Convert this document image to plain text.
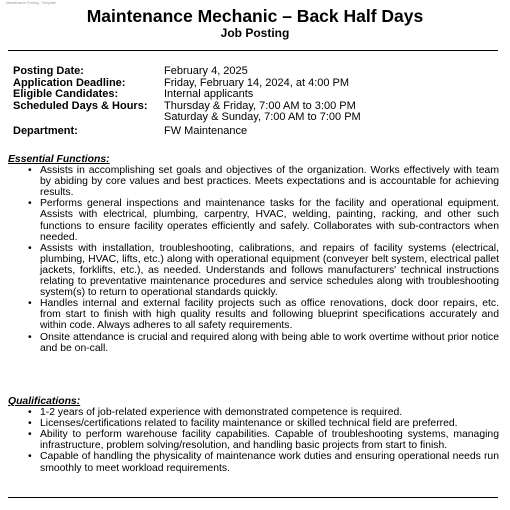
Maintenance Posting - Template
Maintenance Mechanic – Back Half Days
Job Posting
Posting Date:	February 4, 2025
Application Deadline:	Friday, February 14, 2024, at 4:00 PM
Eligible Candidates:	Internal applicants
Scheduled Days & Hours: Thursday & Friday, 7:00 AM to 3:00 PM
Saturday & Sunday, 7:00 AM to 7:00 PM
Department:	FW Maintenance
Essential Functions:
• Assists in accomplishing set goals and objectives of the organization. Works effectively with team by abiding by core values and best practices. Meets expectations and is accountable for achieving results.
• Performs general inspections and maintenance tasks for the facility and operational equipment. Assists with electrical, plumbing, carpentry, HVAC, welding, painting, racking, and other such functions to ensure facility operates efficiently and safely. Collaborates with sub-contractors when needed.
• Assists with installation, troubleshooting, calibrations, and repairs of facility systems (electrical, plumbing, HVAC, lifts, etc.) along with operational equipment (conveyer belt system, electrical pallet jackets, forklifts, etc.), as needed. Understands and follows manufacturers' technical instructions relating to preventative maintenance procedures and service schedules along with troubleshooting system(s) to return to operational standards quickly.
• Handles internal and external facility projects such as office renovations, dock door repairs, etc. from start to finish with high quality results and following blueprint specifications accurately and within code. Always adheres to all safety requirements.
• Onsite attendance is crucial and required along with being able to work overtime without prior notice and be on-call.
Qualifications:
• 1-2 years of job-related experience with demonstrated competence is required.
• Licenses/certifications related to facility maintenance or skilled technical field are preferred.
• Ability to perform warehouse facility capabilities. Capable of troubleshooting systems, managing infrastructure, problem solving/resolution, and handling basic projects from start to finish.
• Capable of handling the physicality of maintenance work duties and ensuring operational needs run smoothly to meet workload requirements.
